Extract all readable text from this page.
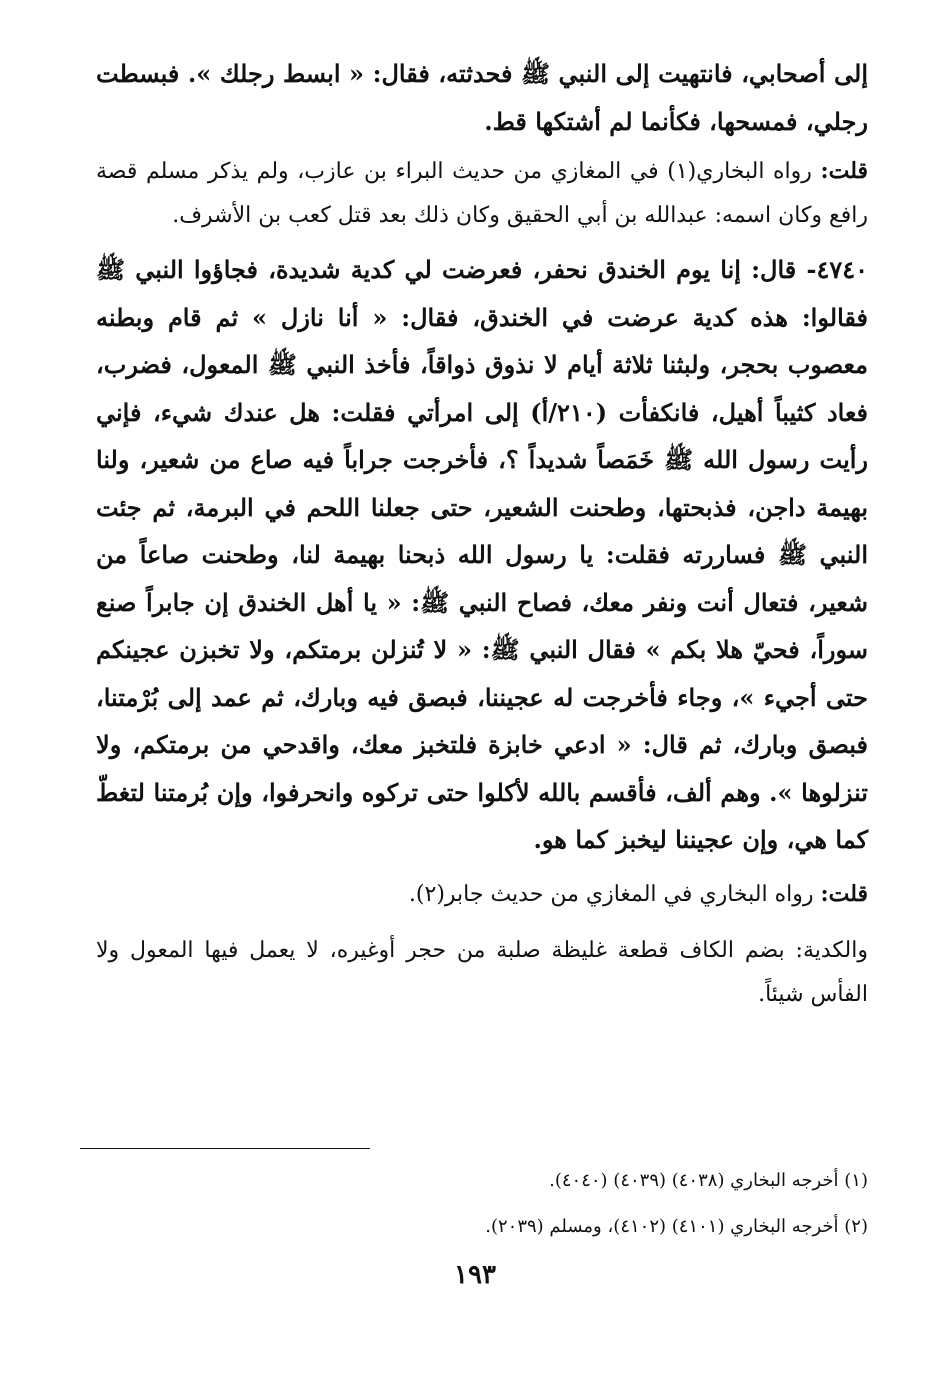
إلى أصحابي، فانتهيت إلى النبي ﷺ فحدثته، فقال: « ابسط رجلك ». فبسطت رجلي، فمسحها، فكأنما لم أشتكها قط.

قلت: رواه البخاري(١) في المغازي من حديث البراء بن عازب، ولم يذكر مسلم قصة رافع وكان اسمه: عبدالله بن أبي الحقيق وكان ذلك بعد قتل كعب بن الأشرف.

٤٧٤٠- قال: إنا يوم الخندق نحفر، فعرضت لي كدية شديدة، فجاؤوا النبي ﷺ فقالوا: هذه كدية عرضت في الخندق، فقال: « أنا نازل » ثم قام وبطنه معصوب بحجر، ولبثنا ثلاثة أيام لا نذوق ذواقاً، فأخذ النبي ﷺ المعول، فضرب، فعاد كثيباً أهيل، فانكفأت (٢١٠/أ) إلى امرأتي فقلت: هل عندك شيء، فإني رأيت رسول الله ﷺ خَمَصاً شديداً ؟، فأخرجت جراباً فيه صاع من شعير، ولنا بهيمة داجن، فذبحتها، وطحنت الشعير، حتى جعلنا اللحم في البرمة، ثم جئت النبي ﷺ فساررته فقلت: يا رسول الله ذبحنا بهيمة لنا، وطحنت صاعاً من شعير، فتعال أنت ونفر معك، فصاح النبي ﷺ: « يا أهل الخندق إن جابراً صنع سوراً، فحيّ هلا بكم » فقال النبي ﷺ: « لا تُنزلن برمتكم، ولا تخبزن عجينكم حتى أجيء »، وجاء فأخرجت له عجيننا، فبصق فيه وبارك، ثم عمد إلى بُرْمتنا، فبصق وبارك، ثم قال: « ادعي خابزة فلتخبز معك، واقدحي من برمتكم، ولا تنزلوها ». وهم ألف، فأقسم بالله لأكلوا حتى تركوه وانحرفوا، وإن بُرمتنا لتغطّ كما هي، وإن عجيننا ليخبز كما هو.

قلت: رواه البخاري في المغازي من حديث جابر(٢).

والكدية: بضم الكاف قطعة غليظة صلبة من حجر أوغيره، لا يعمل فيها المعول ولا الفأس شيئاً.

(١) أخرجه البخاري (٤٠٣٨) (٤٠٣٩) (٤٠٤٠).

(٢) أخرجه البخاري (٤١٠١) (٤١٠٢)، ومسلم (٢٠٣٩).

١٩٣
